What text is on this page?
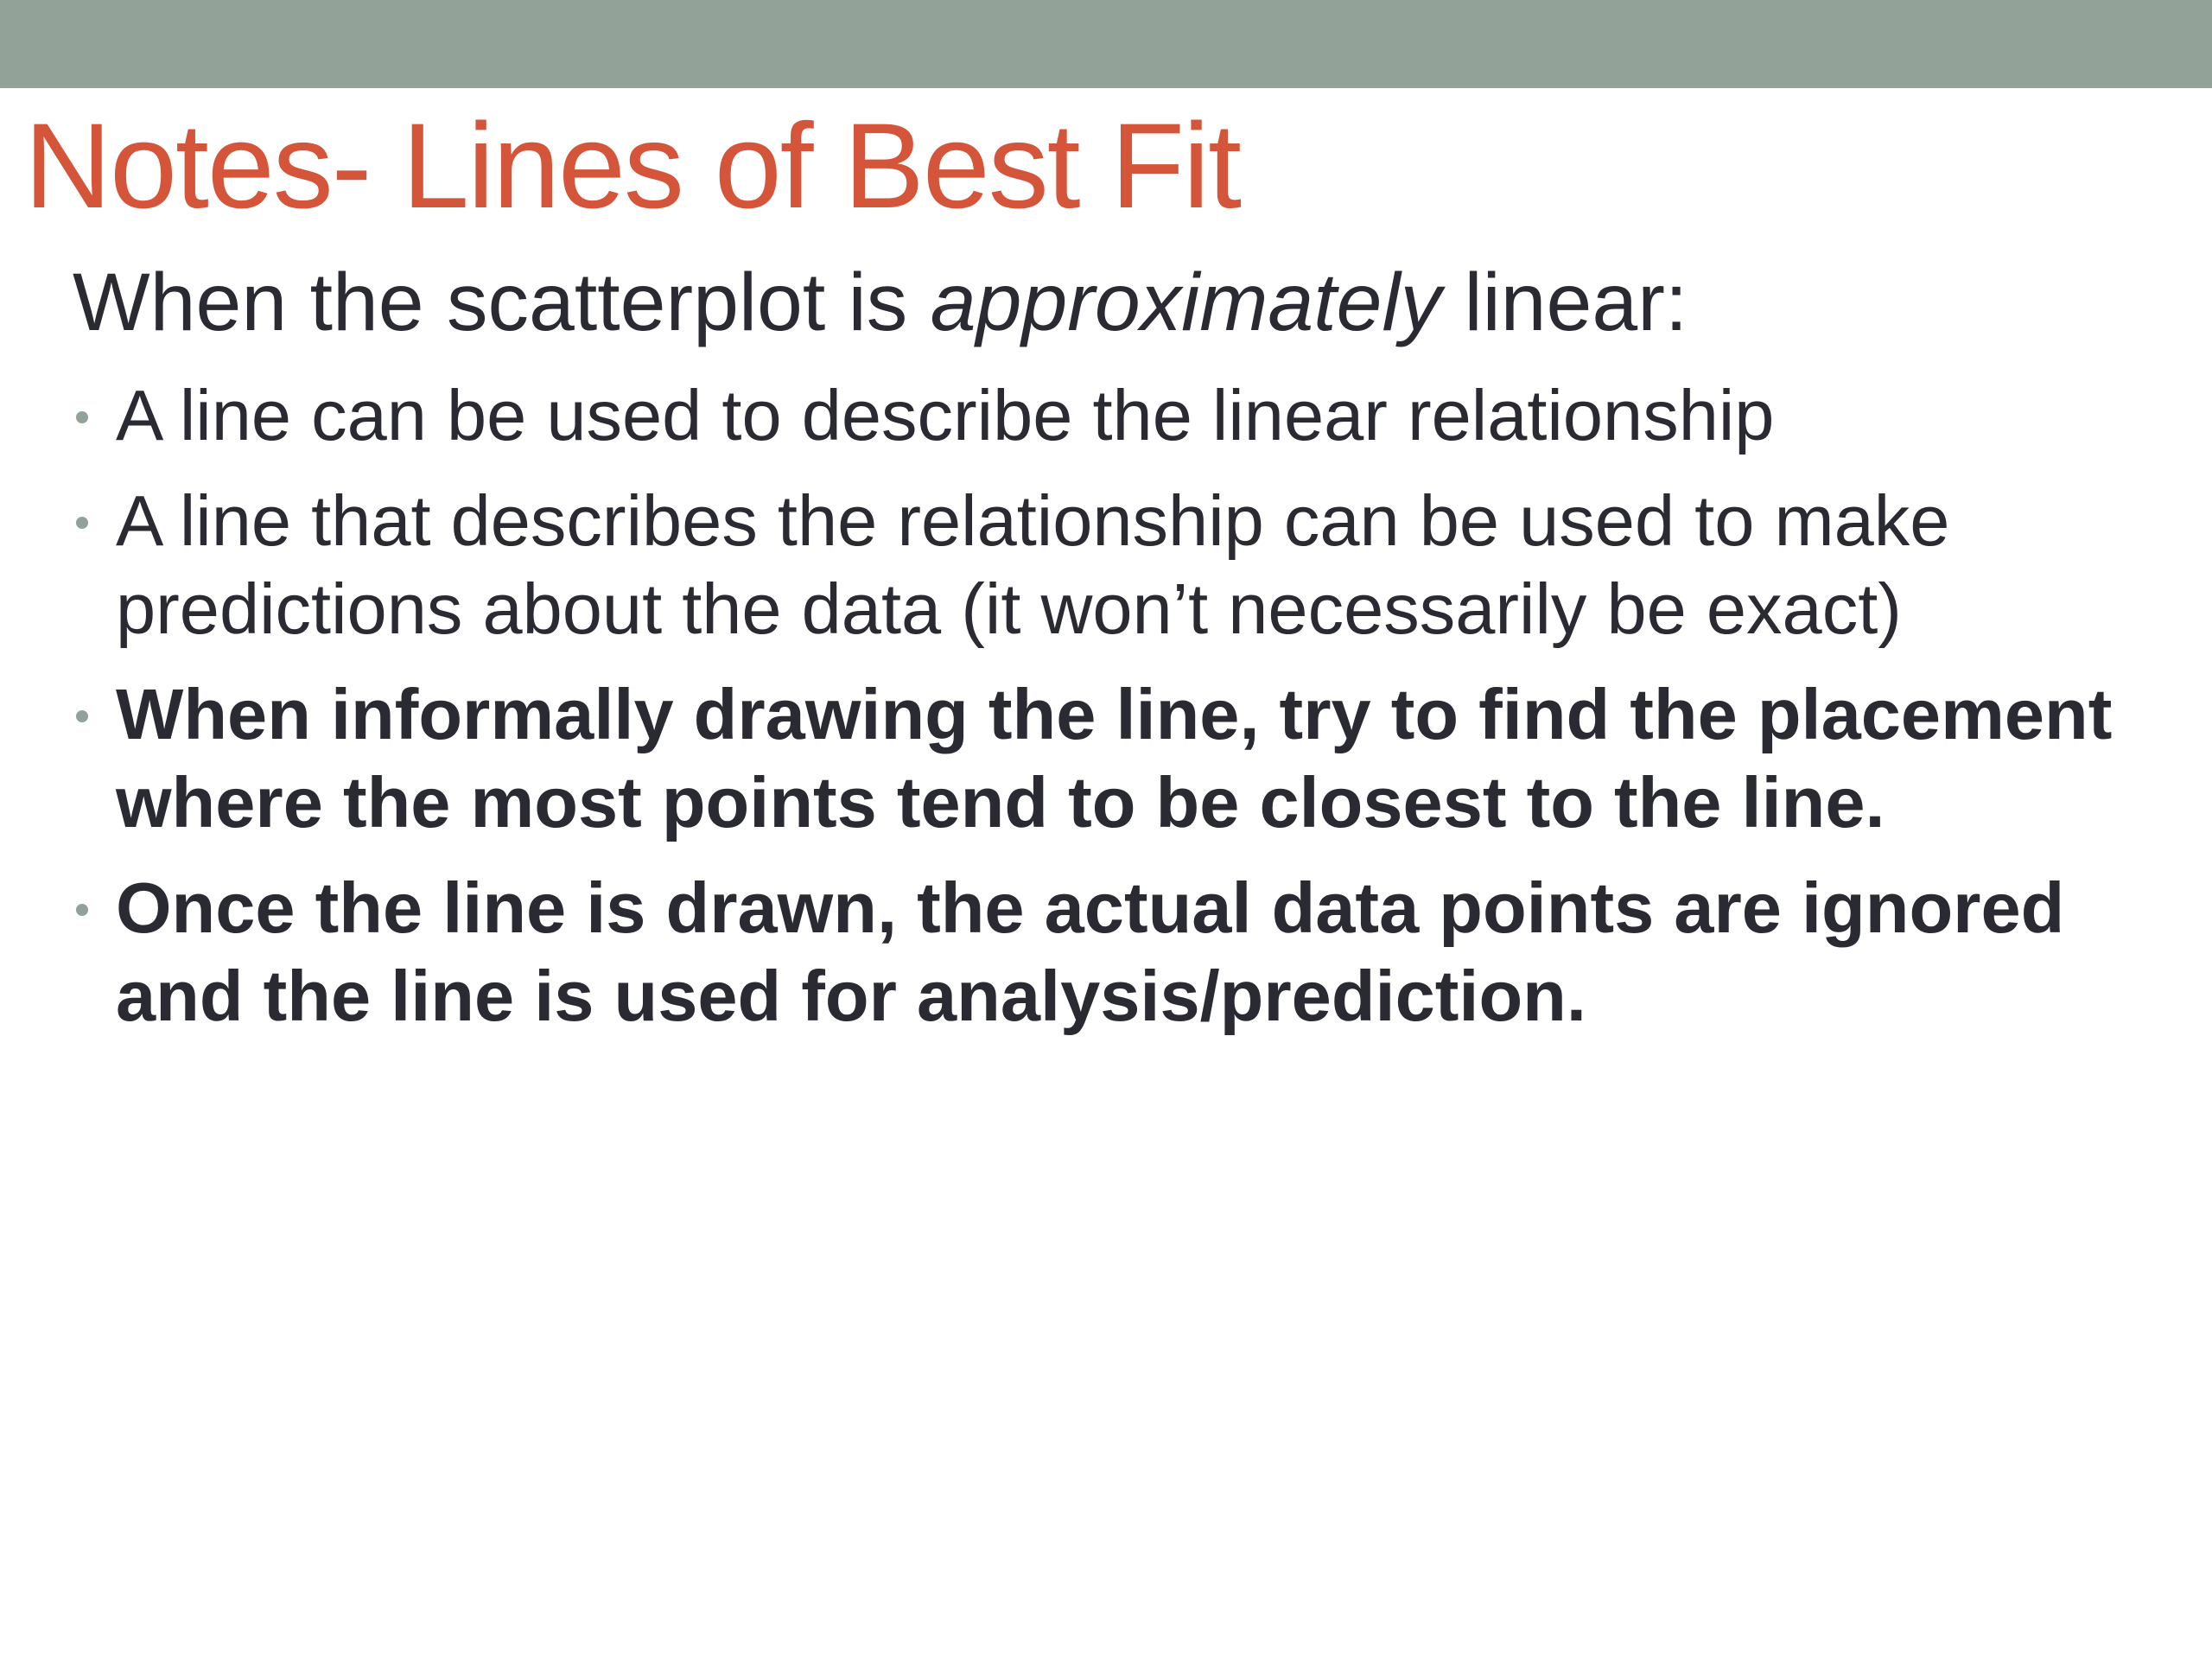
Notes- Lines of Best Fit

When the scatterplot is approximately linear:

A line can be used to describe the linear relationship
A line that describes the relationship can be used to make predictions about the data (it won’t necessarily be exact)
When informally drawing the line, try to find the placement where the most points tend to be closest to the line.
Once the line is drawn, the actual data points are ignored and the line is used for analysis/prediction.
